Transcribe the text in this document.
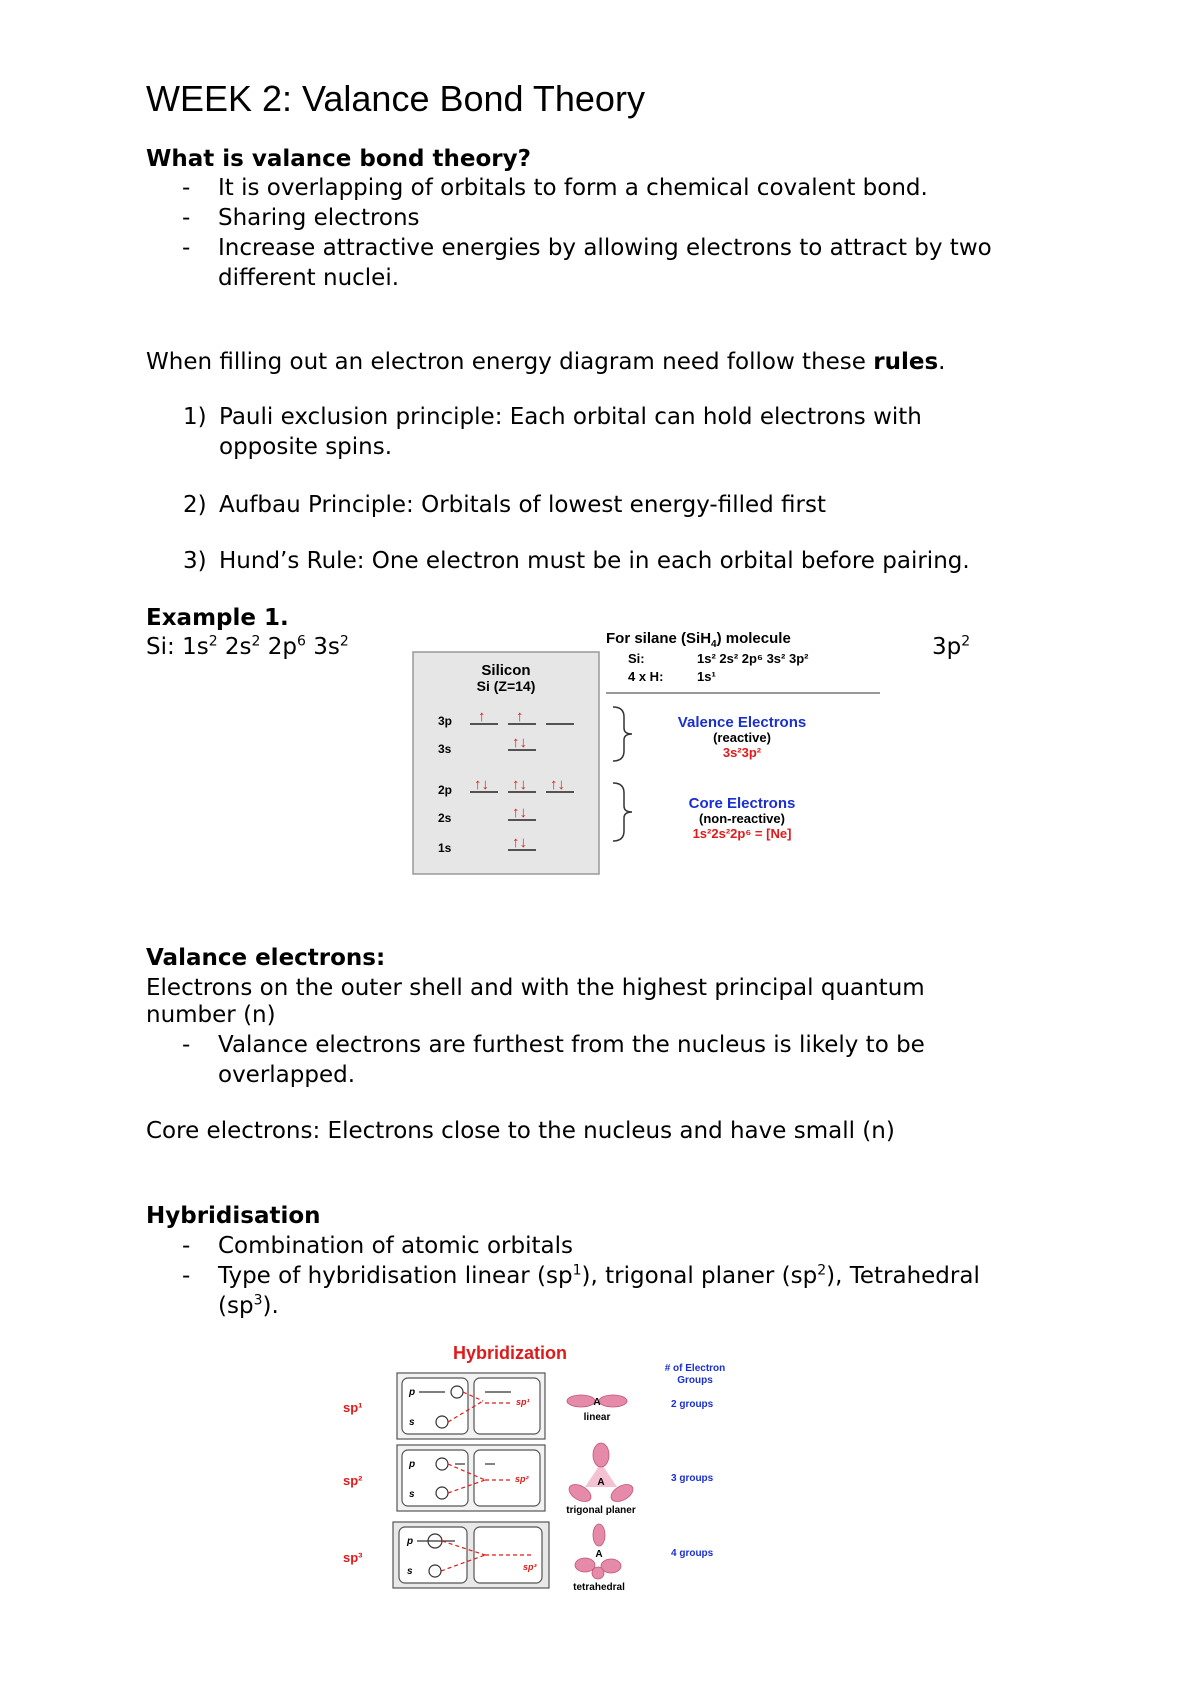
WEEK 2: Valance Bond Theory
What is valance bond theory?
- It is overlapping of orbitals to form a chemical covalent bond.
- Sharing electrons
- Increase attractive energies by allowing electrons to attract by two
different nuclei.
When filling out an electron energy diagram need follow these rules.
1) Pauli exclusion principle: Each orbital can hold electrons with
opposite spins.
2) Aufbau Principle: Orbitals of lowest energy-filled first
3) Hund’s Rule: One electron must be in each orbital before pairing.
Example 1.
Si: $1s^2$ $2s^2$ $2p^6$ $3s^2$	$3p^2$
Silicon
Si (Z=14)
3p
3s
2p
2s
1s
↑ ↑
↑↓
↑↓ ↑↓ ↑↓
↑↓
↑↓
For silane (SiH$_4$) molecule
Si:	1s² 2s² 2p⁶ 3s² 3p²
4 x H:	1s¹
Valence Electrons
(reactive)
3s²3p²
Core Electrons
(non-reactive)
1s²2s²2p⁶ = [Ne]
Valance electrons:
Electrons on the outer shell and with the highest principal quantum
number (n)
- Valance electrons are furthest from the nucleus is likely to be
overlapped.
Core electrons: Electrons close to the nucleus and have small (n)
Hybridisation
- Combination of atomic orbitals
- Type of hybridisation linear $(sp^1)$, trigonal planer $(sp^2)$, Tetrahedral
$(sp^3)$.
Hybridization
# of Electron
Groups
p
s
p
s
p
s
sp¹
sp²
sp³
sp¹
sp²
sp³
A
linear
A
trigonal planer
A
tetrahedral
2 groups
3 groups
4 groups
